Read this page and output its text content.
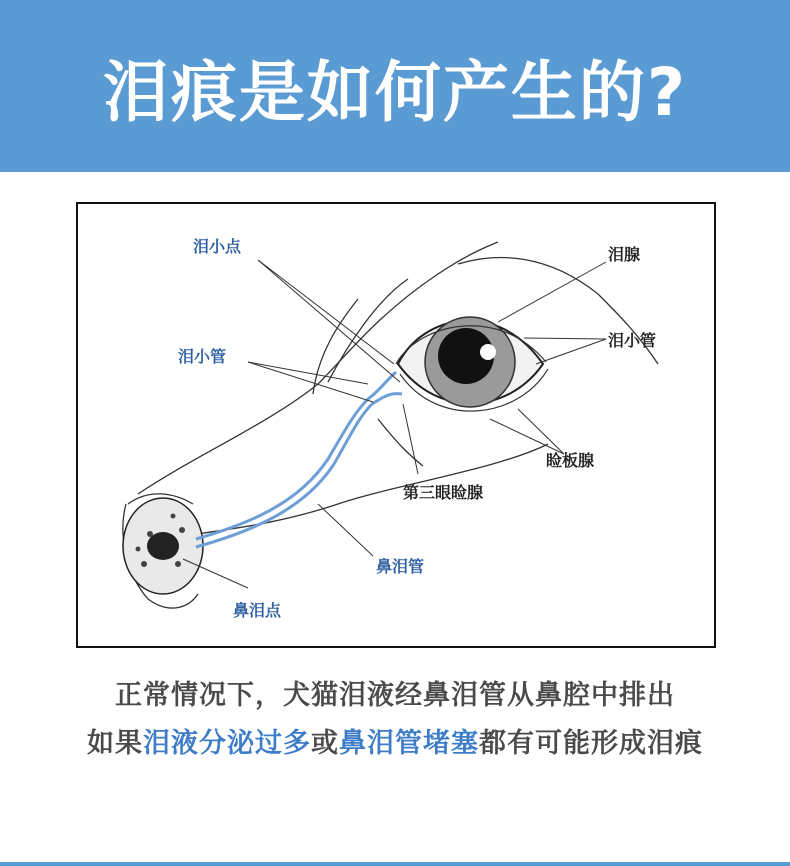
泪痕是如何产生的?
泪小点
泪小管
泪腺
泪小管
睑板腺
第三眼睑腺
鼻泪管
鼻泪点
正常情况下，犬猫泪液经鼻泪管从鼻腔中排出
如果泪液分泌过多或鼻泪管堵塞都有可能形成泪痕
